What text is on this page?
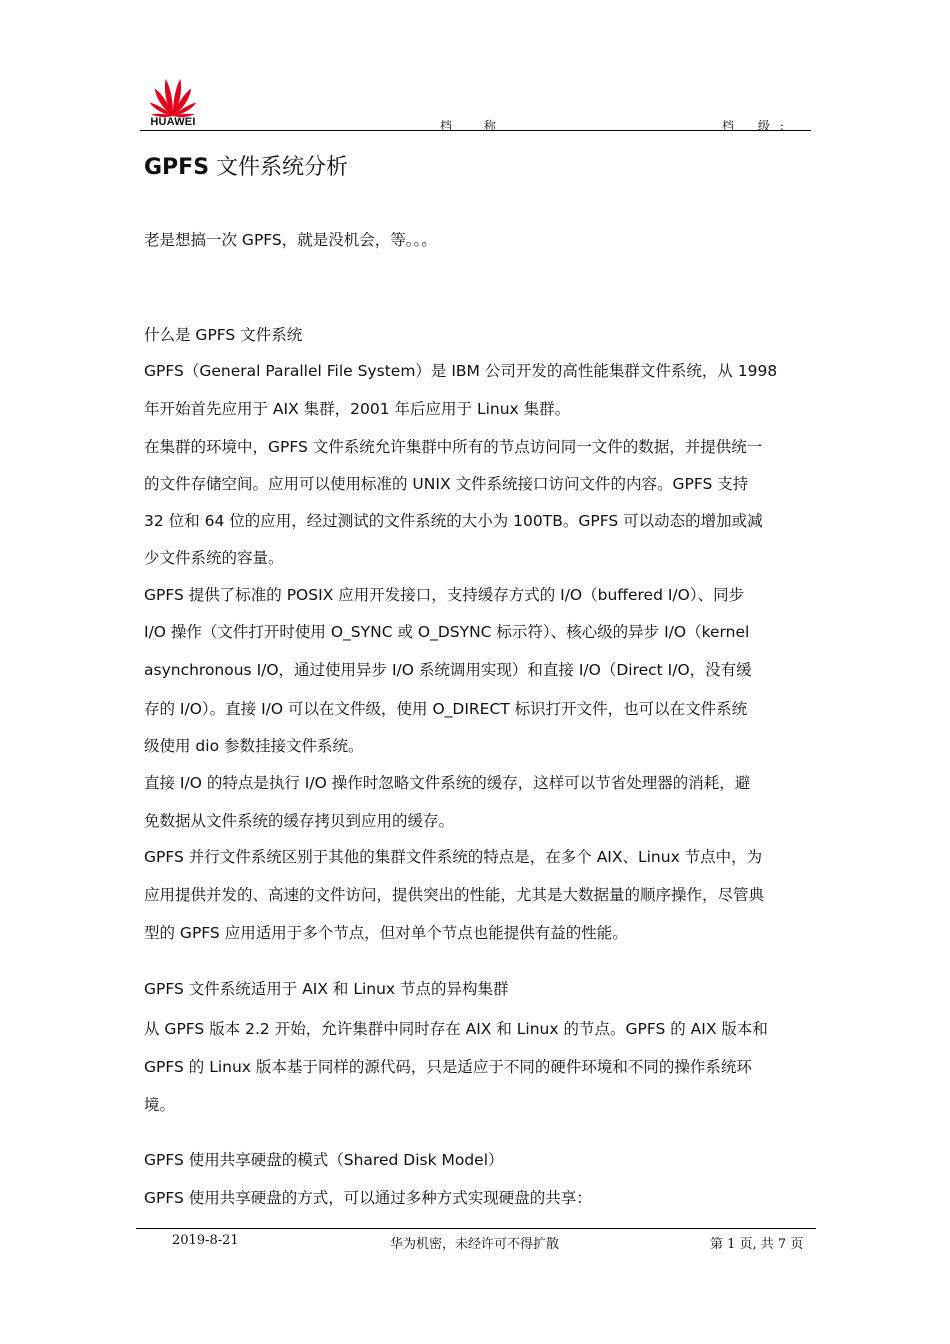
HUAWEI	档 称	档 级:
GPFS 文件系统分析
老是想搞一次 GPFS，就是没机会，等。。。
什么是 GPFS 文件系统
GPFS（General Parallel File System）是 IBM 公司开发的高性能集群文件系统，从 1998
年开始首先应用于 AIX 集群，2001 年后应用于 Linux 集群。
在集群的环境中，GPFS 文件系统允许集群中所有的节点访问同一文件的数据，并提供统一
的文件存储空间。应用可以使用标准的 UNIX 文件系统接口访问文件的内容。GPFS 支持
32 位和 64 位的应用，经过测试的文件系统的大小为 100TB。GPFS 可以动态的增加或减
少文件系统的容量。
GPFS 提供了标准的 POSIX 应用开发接口，支持缓存方式的 I/O（buffered I/O）、同步
I/O 操作（文件打开时使用 O_SYNC 或 O_DSYNC 标示符）、核心级的异步 I/O（kernel
asynchronous I/O，通过使用异步 I/O 系统调用实现）和直接 I/O（Direct I/O，没有缓
存的 I/O）。直接 I/O 可以在文件级，使用 O_DIRECT 标识打开文件，也可以在文件系统
级使用 dio 参数挂接文件系统。
直接 I/O 的特点是执行 I/O 操作时忽略文件系统的缓存，这样可以节省处理器的消耗，避
免数据从文件系统的缓存拷贝到应用的缓存。
GPFS 并行文件系统区别于其他的集群文件系统的特点是，在多个 AIX、Linux 节点中，为
应用提供并发的、高速的文件访问，提供突出的性能，尤其是大数据量的顺序操作，尽管典
型的 GPFS 应用适用于多个节点，但对单个节点也能提供有益的性能。
GPFS 文件系统适用于 AIX 和 Linux 节点的异构集群
从 GPFS 版本 2.2 开始，允许集群中同时存在 AIX 和 Linux 的节点。GPFS 的 AIX 版本和
GPFS 的 Linux 版本基于同样的源代码，只是适应于不同的硬件环境和不同的操作系统环
境。
GPFS 使用共享硬盘的模式（Shared Disk Model）
GPFS 使用共享硬盘的方式，可以通过多种方式实现硬盘的共享：
2019-8-21	华为机密，未经许可不得扩散	第 1 页, 共 7 页
